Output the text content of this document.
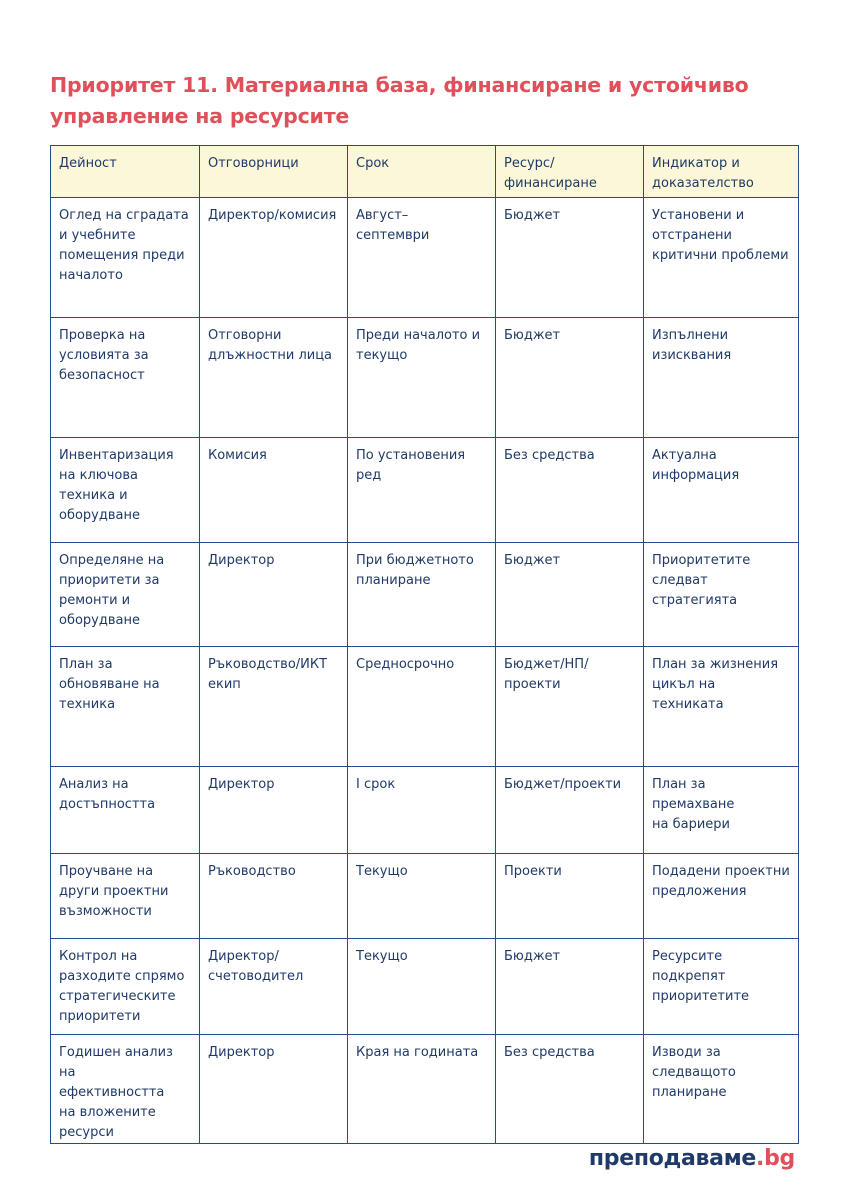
Приоритет 11. Материална база, финансиране и устойчиво
управление на ресурсите
Дейност	Отговорници	Срок	Ресурс/
финансиране	Индикатор и
доказателство

Оглед на сградата
и учебните
помещения преди
началото	Директор/комисия	Август–
септември	Бюджет	Установени и
отстранени
критични проблеми

Проверка на
условията за
безопасност	Отговорни
длъжностни лица	Преди началото и
текущо	Бюджет	Изпълнени
изисквания

Инвентаризация
на ключова
техника и
оборудване	Комисия	По установения
ред	Без средства	Актуална
информация

Определяне на
приоритети за
ремонти и
оборудване	Директор	При бюджетното
планиране	Бюджет	Приоритетите
следват
стратегията

План за
обновяване на
техника	Ръководство/ИКТ
екип	Средносрочно	Бюджет/НП/
проекти	План за жизнения
цикъл на
техниката

Анализ на
достъпността	Директор	I срок	Бюджет/проекти	План за премахване
на бариери

Проучване на
други проектни
възможности	Ръководство	Текущо	Проекти	Подадени проектни
предложения

Контрол на
разходите спрямо
стратегическите
приоритети	Директор/
счетоводител	Текущо	Бюджет	Ресурсите
подкрепят
приоритетите

Годишен анализ на
ефективността
на вложените
ресурси	Директор	Края на годината	Без средства	Изводи за
следващото
планиране
преподаваме.bg
